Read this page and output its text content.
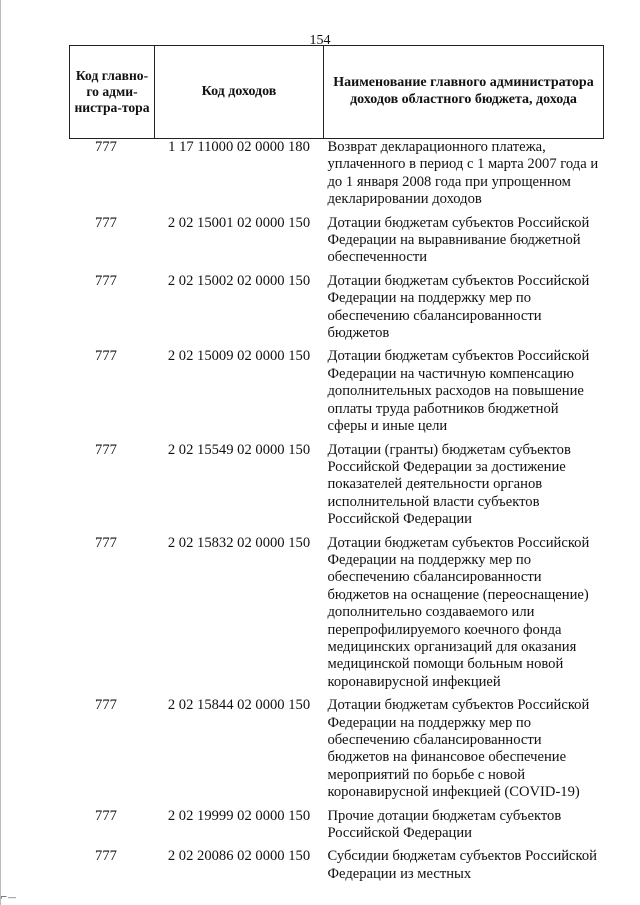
154
Код главно-го адми-нистра-тора	Код доходов	Наименование главного администратора доходов областного бюджета, дохода
777	1 17 11000 02 0000 180	Возврат декларационного платежа, уплаченного в период с 1 марта 2007 года и до 1 января 2008 года при упрощенном декларировании доходов
777	2 02 15001 02 0000 150	Дотации бюджетам субъектов Российской Федерации на выравнивание бюджетной обеспеченности
777	2 02 15002 02 0000 150	Дотации бюджетам субъектов Российской Федерации на поддержку мер по обеспечению сбалансированности бюджетов
777	2 02 15009 02 0000 150	Дотации бюджетам субъектов Российской Федерации на частичную компенсацию дополнительных расходов на повышение оплаты труда работников бюджетной сферы и иные цели
777	2 02 15549 02 0000 150	Дотации (гранты) бюджетам субъектов Российской Федерации за достижение показателей деятельности органов исполнительной власти субъектов Российской Федерации
777	2 02 15832 02 0000 150	Дотации бюджетам субъектов Российской Федерации на поддержку мер по обеспечению сбалансированности бюджетов на оснащение (переоснащение) дополнительно создаваемого или перепрофилируемого коечного фонда медицинских организаций для оказания медицинской помощи больным новой коронавирусной инфекцией
777	2 02 15844 02 0000 150	Дотации бюджетам субъектов Российской Федерации на поддержку мер по обеспечению сбалансированности бюджетов на финансовое обеспечение мероприятий по борьбе с новой коронавирусной инфекцией (COVID-19)
777	2 02 19999 02 0000 150	Прочие дотации бюджетам субъектов Российской Федерации
777	2 02 20086 02 0000 150	Субсидии бюджетам субъектов Российской Федерации из местных
⌐—
